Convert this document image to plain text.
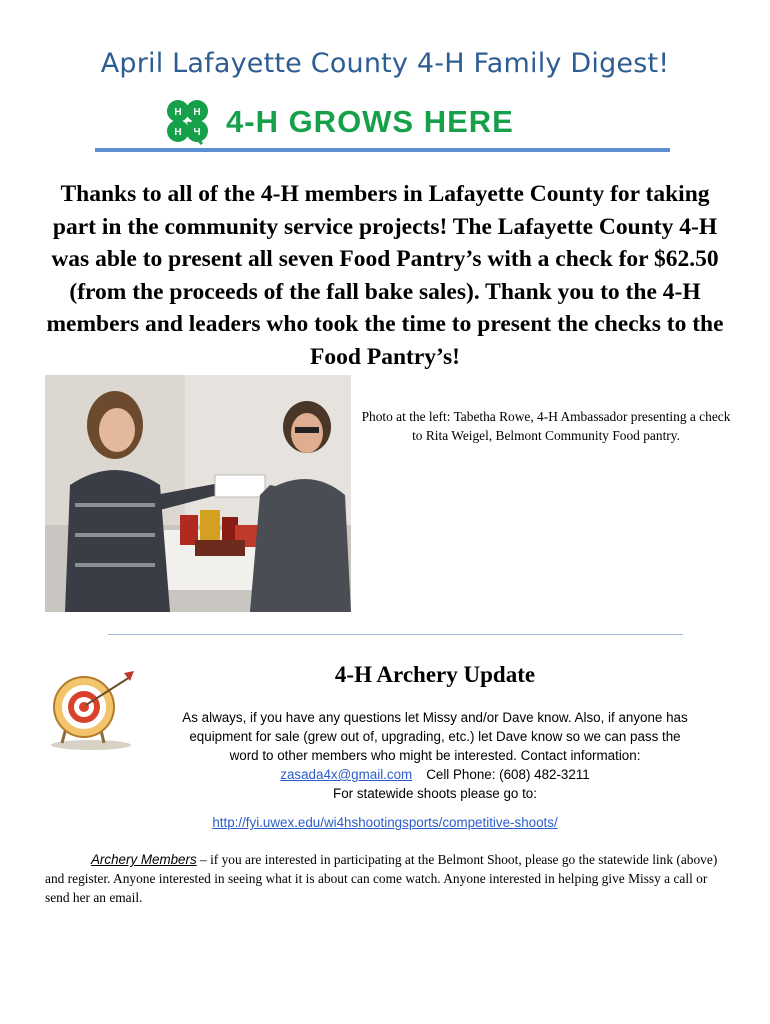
April Lafayette County 4-H Family Digest!
H H
H H 4-H GROWS HERE
Thanks to all of the 4-H members in Lafayette County for taking part in the community service projects! The Lafayette County 4-H was able to present all seven Food Pantry’s with a check for $62.50 (from the proceeds of the fall bake sales). Thank you to the 4-H members and leaders who took the time to present the checks to the Food Pantry’s!
Photo at the left: Tabetha Rowe, 4-H Ambassador presenting a check to Rita Weigel, Belmont Community Food pantry.
4-H Archery Update
As always, if you have any questions let Missy and/or Dave know. Also, if anyone has
equipment for sale (grew out of, upgrading, etc.) let Dave know so we can pass the
word to other members who might be interested. Contact information:
zasada4x@gmail.com Cell Phone: (608) 482-3211
For statewide shoots please go to:
http://fyi.uwex.edu/wi4hshootingsports/competitive-shoots/
Archery Members – if you are interested in participating at the Belmont Shoot, please go the statewide link (above) and register. Anyone interested in seeing what it is about can come watch. Anyone interested in helping give Missy a call or send her an email.
